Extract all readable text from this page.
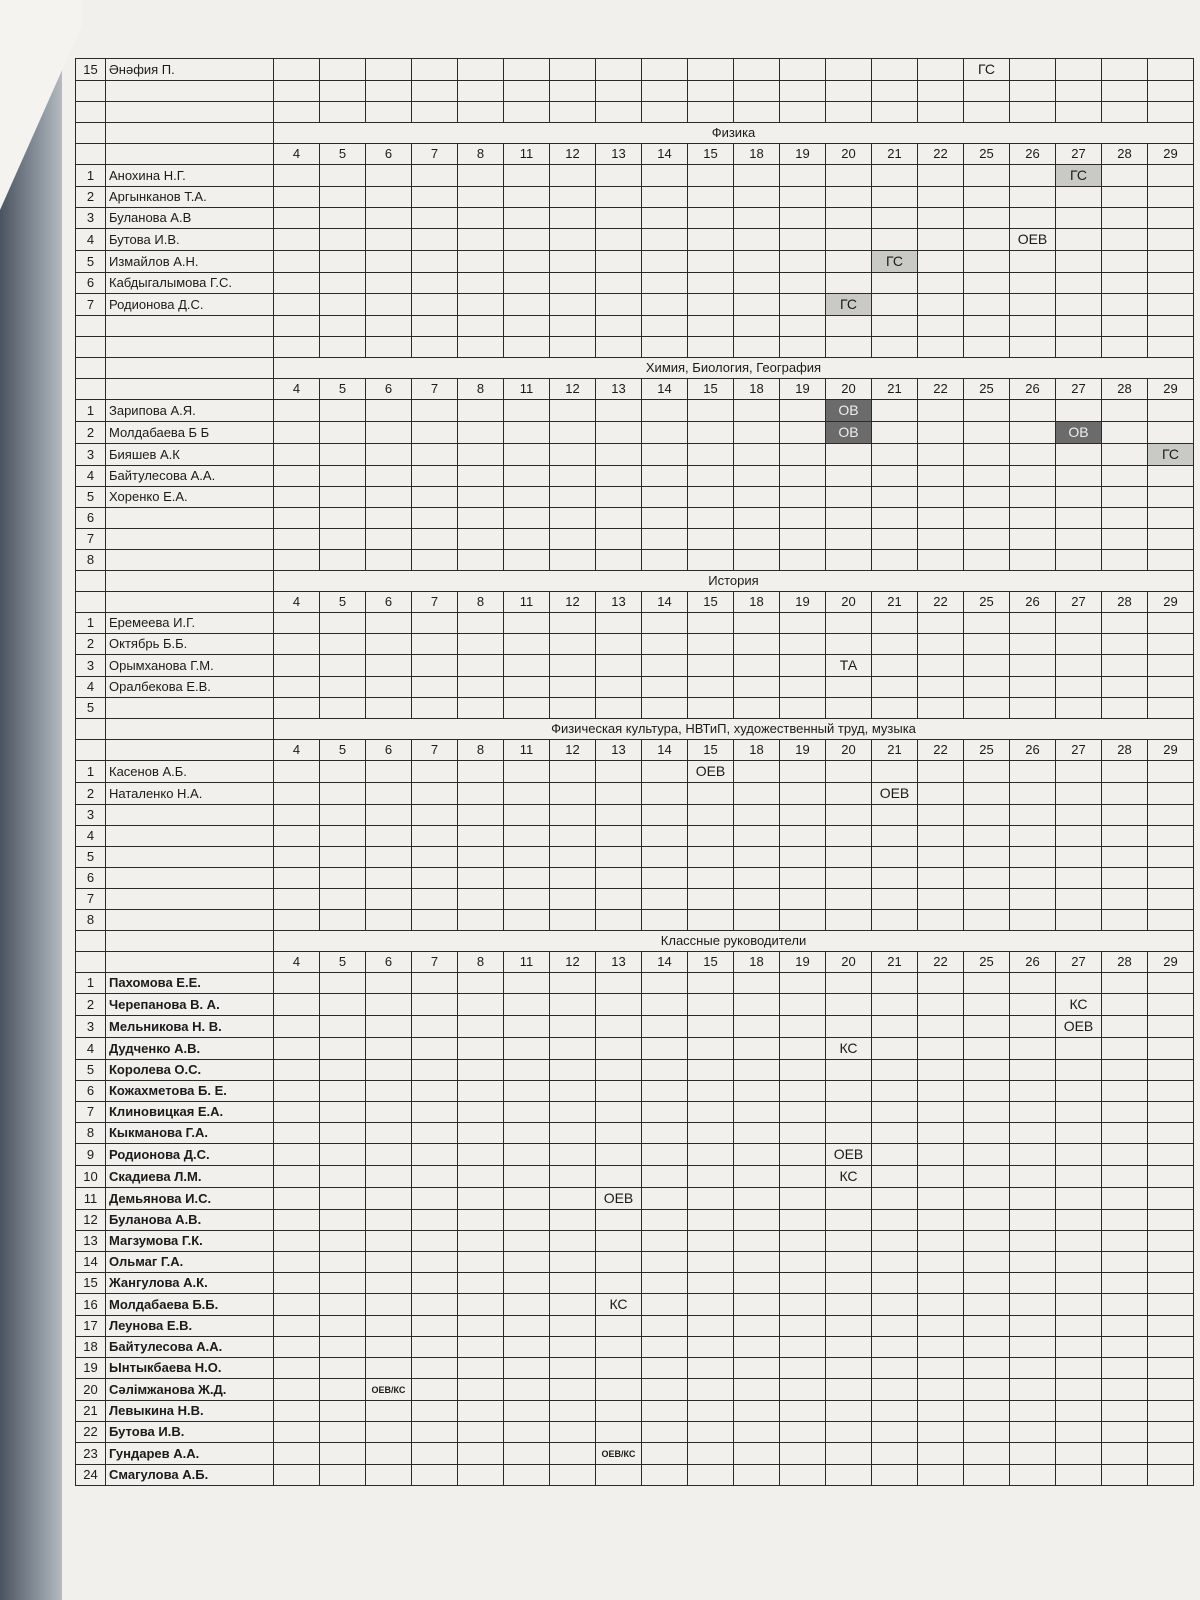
15	Әнәфия П.																ГС				

		Физика																			
		4	5	6	7	8	11	12	13	14	15	18	19	20	21	22	25	26	27	28	29
1	Анохина Н.Г.																		ГС		
2	Аргынканов Т.А.																				
3	Буланова А.В																				
4	Бутова И.В.																	ОЕВ			
5	Измайлов А.Н.														ГС						
6	Кабдыгалымова Г.С.																				
7	Родионова Д.С.													ГС							

		Химия, Биология, География																			
		4	5	6	7	8	11	12	13	14	15	18	19	20	21	22	25	26	27	28	29
1	Зарипова А.Я.													ОВ							
2	Молдабаева Б Б													ОВ					ОВ		
3	Бияшев А.К																				ГС
4	Байтулесова А.А.																				
5	Хоренко Е.А.																				
6																					
7																					
8																					
		История																			
		4	5	6	7	8	11	12	13	14	15	18	19	20	21	22	25	26	27	28	29
1	Еремеева И.Г.																				
2	Октябрь Б.Б.																				
3	Орымханова Г.М.													ТА							
4	Оралбекова Е.В.																				
5																					
		Физическая культура, НВТиП, художественный труд, музыка																			
		4	5	6	7	8	11	12	13	14	15	18	19	20	21	22	25	26	27	28	29
1	Касенов А.Б.										ОЕВ										
2	Наталенко Н.А.														ОЕВ						
3																					
4																					
5																					
6																					
7																					
8																					
		Классные руководители																			
		4	5	6	7	8	11	12	13	14	15	18	19	20	21	22	25	26	27	28	29
1	Пахомова Е.Е.																				
2	Черепанова В. А.																		КС		
3	Мельникова Н. В.																		ОЕВ		
4	Дудченко А.В.													КС							
5	Королева О.С.																				
6	Кожахметова Б. Е.																				
7	Клиновицкая Е.А.																				
8	Кыкманова Г.А.																				
9	Родионова Д.С.													ОЕВ							
10	Скадиева Л.М.													КС							
11	Демьянова И.С.								ОЕВ												
12	Буланова А.В.																				
13	Магзумова Г.К.																				
14	Ольмаг Г.А.																				
15	Жангулова А.К.																				
16	Молдабаева Б.Б.								КС												
17	Леунова Е.В.																				
18	Байтулесова А.А.																				
19	Ынтыкбаева Н.О.																				
20	Сәлімжанова Ж.Д.			ОЕВ/КС																	
21	Левыкина Н.В.																				
22	Бутова И.В.																				
23	Гундарев А.А.								ОЕВ/КС												
24	Смагулова А.Б.																				
